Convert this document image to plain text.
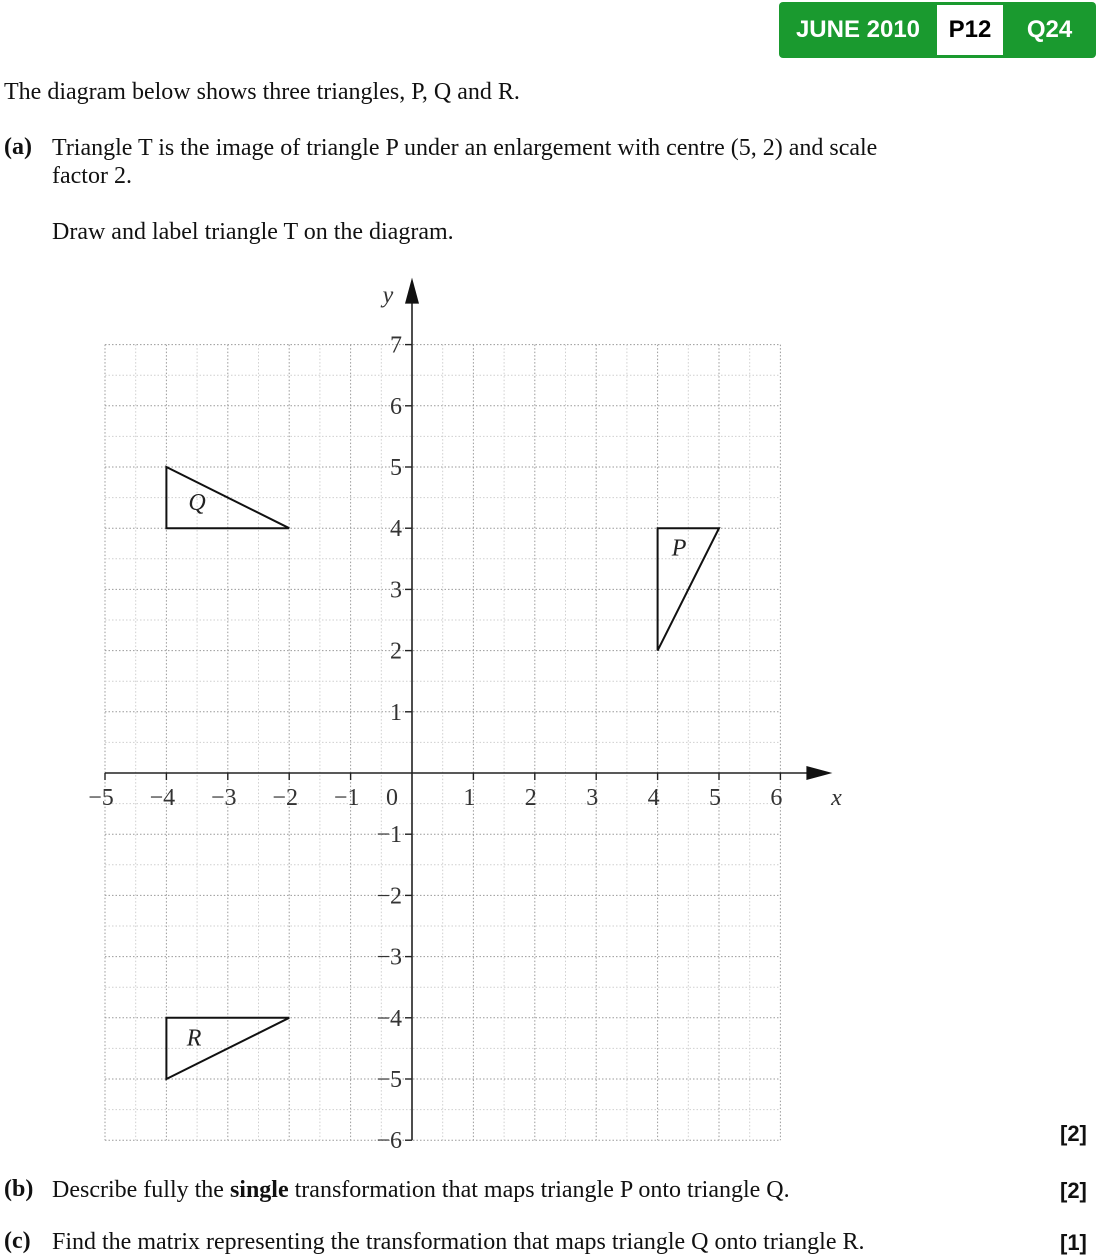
JUNE 2010	P12	Q24
The diagram below shows three triangles, P, Q and R.
(a) Triangle T is the image of triangle P under an enlargement with centre (5, 2) and scale
factor 2.
Draw and label triangle T on the diagram.
x
y
−5 −4 −3 −2 −1 0	1 2 3 4 5 6
7
6
5
4
3
2
1
−1
−2
−3
−4
−5
−6
P
Q
R
[2]
(b) Describe fully the single transformation that maps triangle P onto triangle Q.	[2]
(c) Find the matrix representing the transformation that maps triangle Q onto triangle R.	[1]
